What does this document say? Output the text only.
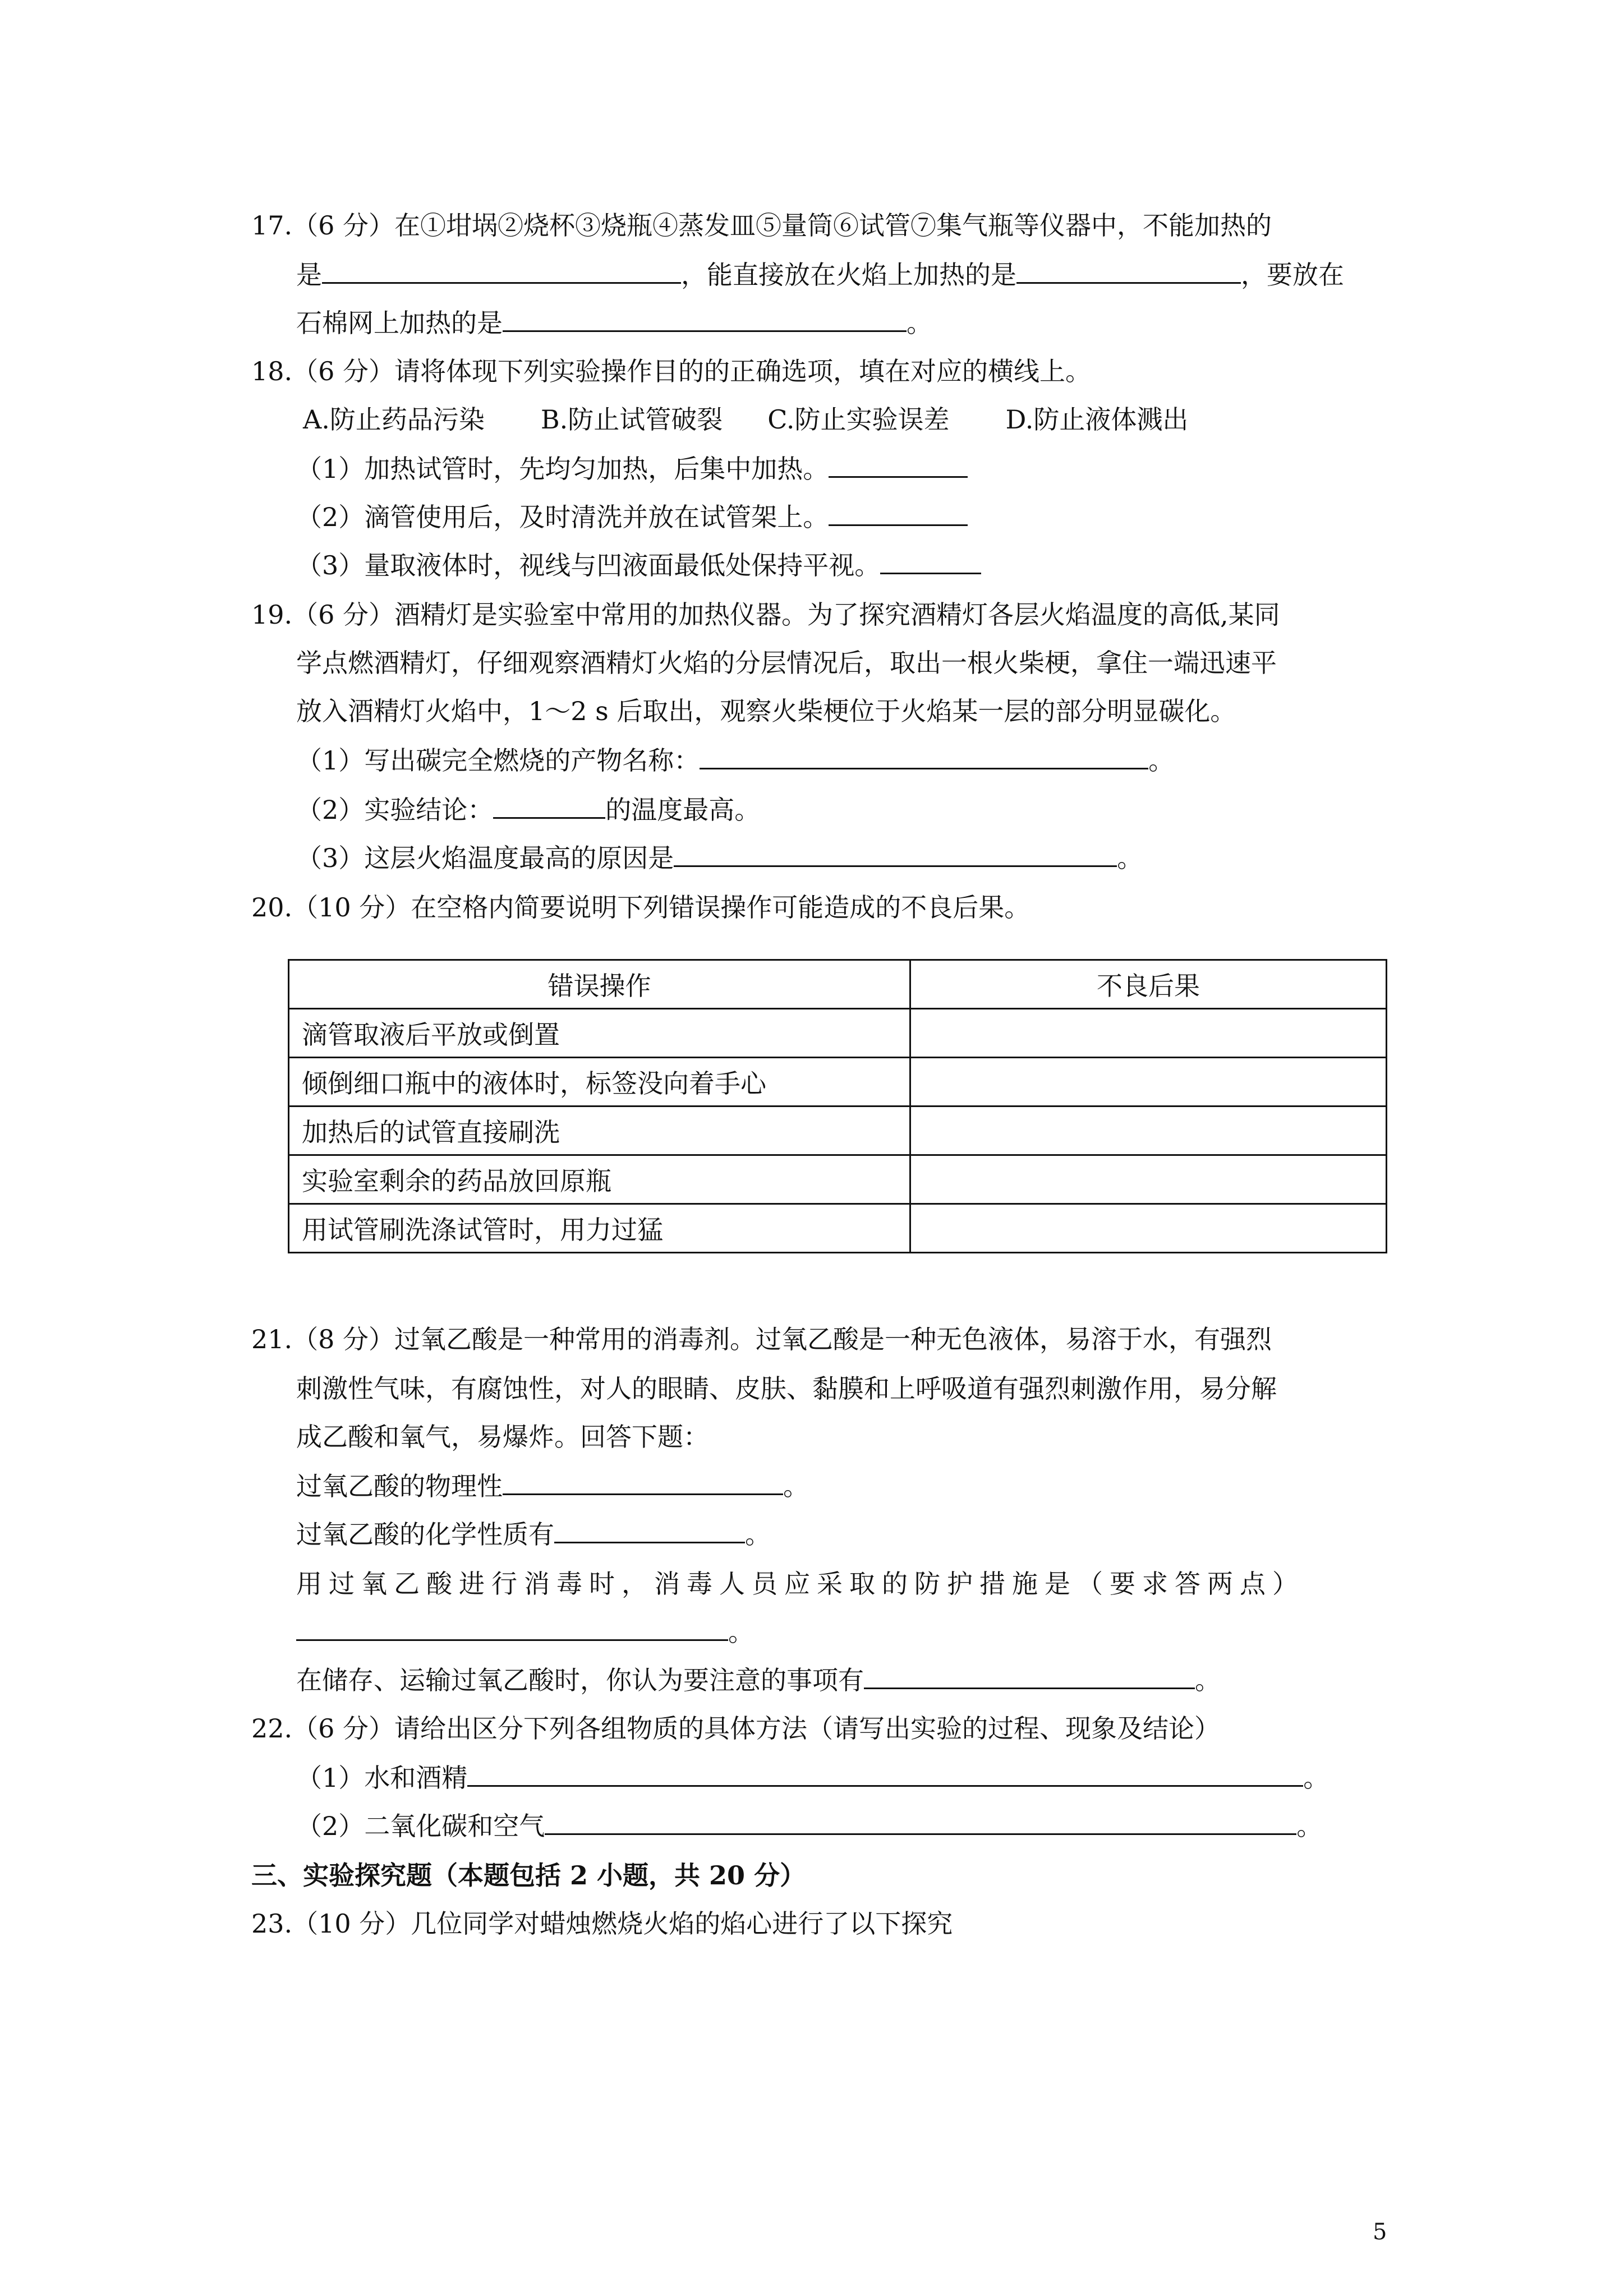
17.（6 分）在①坩埚②烧杯③烧瓶④蒸发皿⑤量筒⑥试管⑦集气瓶等仪器中，不能加热的
是	，能直接放在火焰上加热的是	，要放在
石棉网上加热的是	。
18.（6 分）请将体现下列实验操作目的的正确选项，填在对应的横线上。
A.防止药品污染 B.防止试管破裂 C.防止实验误差 D.防止液体溅出
（1）加热试管时，先均匀加热，后集中加热。
（2）滴管使用后，及时清洗并放在试管架上。
（3）量取液体时，视线与凹液面最低处保持平视。
19.（6 分）酒精灯是实验室中常用的加热仪器。为了探究酒精灯各层火焰温度的高低,某同
学点燃酒精灯，仔细观察酒精灯火焰的分层情况后，取出一根火柴梗，拿住一端迅速平
放入酒精灯火焰中，1～2 s 后取出，观察火柴梗位于火焰某一层的部分明显碳化。
（1）写出碳完全燃烧的产物名称：	。
（2）实验结论：	的温度最高。
（3）这层火焰温度最高的原因是	。
20.（10 分）在空格内简要说明下列错误操作可能造成的不良后果。
错误操作	不良后果
滴管取液后平放或倒置	
倾倒细口瓶中的液体时，标签没向着手心	
加热后的试管直接刷洗	
实验室剩余的药品放回原瓶	
用试管刷洗涤试管时，用力过猛	
21.（8 分）过氧乙酸是一种常用的消毒剂。过氧乙酸是一种无色液体，易溶于水，有强烈
刺激性气味，有腐蚀性，对人的眼睛、皮肤、黏膜和上呼吸道有强烈刺激作用，易分解
成乙酸和氧气，易爆炸。回答下题：
过氧乙酸的物理性	。
过氧乙酸的化学性质有	。
用过氧乙酸进行消毒时，消毒人员应采取的防护措施是（要求答两点）
。
在储存、运输过氧乙酸时，你认为要注意的事项有	。
22.（6 分）请给出区分下列各组物质的具体方法（请写出实验的过程、现象及结论）
（1）水和酒精	。
（2）二氧化碳和空气	。
三、实验探究题（本题包括 2 小题，共 20 分）
23.（10 分）几位同学对蜡烛燃烧火焰的焰心进行了以下探究
5
